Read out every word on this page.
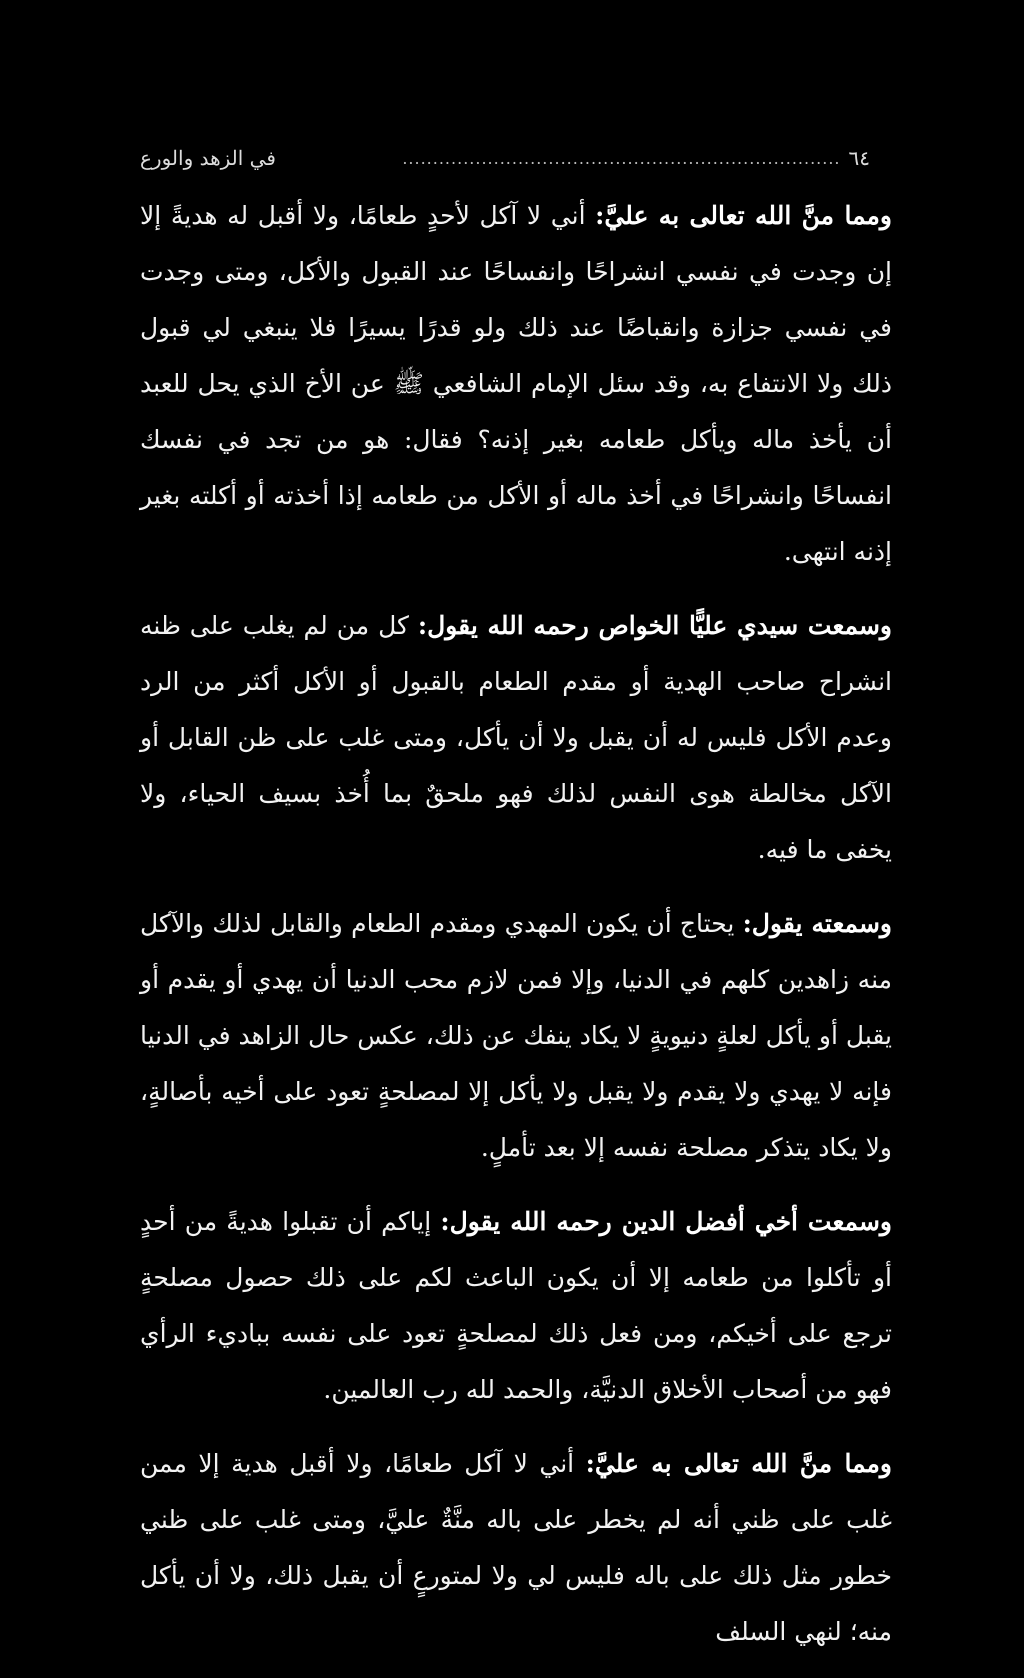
٦٤
........................................................................
في الزهد والورع

ومما منَّ الله تعالى به عليَّ: أني لا آكل لأحدٍ طعامًا، ولا أقبل له هديةً إلا إن وجدت في نفسي انشراحًا وانفساحًا عند القبول والأكل، ومتى وجدت في نفسي جزازة وانقباضًا عند ذلك ولو قدرًا يسيرًا فلا ينبغي لي قبول ذلك ولا الانتفاع به، وقد سئل الإمام الشافعي ﷺ عن الأخ الذي يحل للعبد أن يأخذ ماله ويأكل طعامه بغير إذنه؟ فقال: هو من تجد في نفسك انفساحًا وانشراحًا في أخذ ماله أو الأكل من طعامه إذا أخذته أو أكلته بغير إذنه انتهى.

وسمعت سيدي عليًّا الخواص رحمه الله يقول: كل من لم يغلب على ظنه انشراح صاحب الهدية أو مقدم الطعام بالقبول أو الأكل أكثر من الرد وعدم الأكل فليس له أن يقبل ولا أن يأكل، ومتى غلب على ظن القابل أو الآكل مخالطة هوى النفس لذلك فهو ملحقٌ بما أُخذ بسيف الحياء، ولا يخفى ما فيه.

وسمعته يقول: يحتاج أن يكون المهدي ومقدم الطعام والقابل لذلك والآكل منه زاهدين كلهم في الدنيا، وإلا فمن لازم محب الدنيا أن يهدي أو يقدم أو يقبل أو يأكل لعلةٍ دنيويةٍ لا يكاد ينفك عن ذلك، عكس حال الزاهد في الدنيا فإنه لا يهدي ولا يقدم ولا يقبل ولا يأكل إلا لمصلحةٍ تعود على أخيه بأصالةٍ، ولا يكاد يتذكر مصلحة نفسه إلا بعد تأملٍ.

وسمعت أخي أفضل الدين رحمه الله يقول: إياكم أن تقبلوا هديةً من أحدٍ أو تأكلوا من طعامه إلا أن يكون الباعث لكم على ذلك حصول مصلحةٍ ترجع على أخيكم، ومن فعل ذلك لمصلحةٍ تعود على نفسه بباديء الرأي فهو من أصحاب الأخلاق الدنيَّة، والحمد لله رب العالمين.

ومما منَّ الله تعالى به عليَّ: أني لا آكل طعامًا، ولا أقبل هدية إلا ممن غلب على ظني أنه لم يخطر على باله منَّةٌ عليَّ، ومتى غلب على ظني خطور مثل ذلك على باله فليس لي ولا لمتورعٍ أن يقبل ذلك، ولا أن يأكل منه؛ لنهي السلف
